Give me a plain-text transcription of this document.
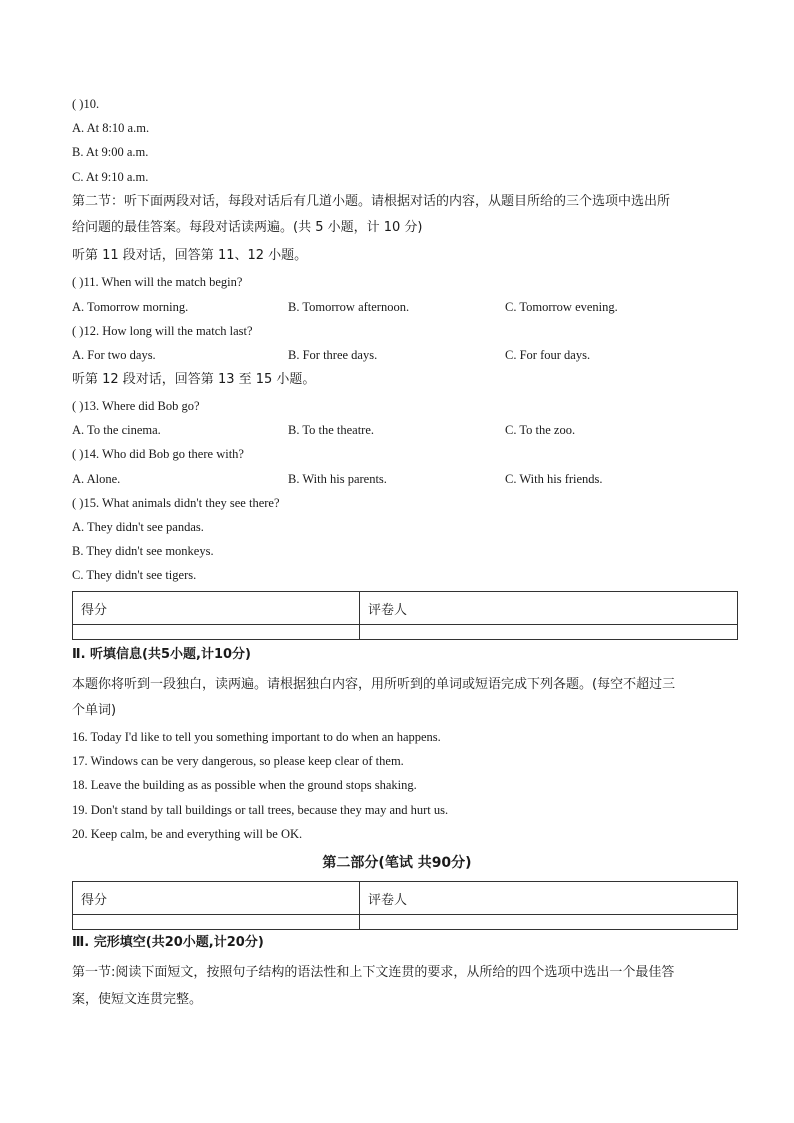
( )10.
A. At 8:10 a.m.
B. At 9:00 a.m.
C. At 9:10 a.m.
第二节：听下面两段对话，每段对话后有几道小题。请根据对话的内容，从题目所给的三个选项中选出所
给问题的最佳答案。每段对话读两遍。(共 5 小题，计 10 分)
听第 11 段对话，回答第 11、12 小题。
( )11. When will the match begin?
A. Tomorrow morning.	B. Tomorrow afternoon.	C. Tomorrow evening.
( )12. How long will the match last?
A. For two days.	B. For three days.	C. For four days.
听第 12 段对话，回答第 13 至 15 小题。
( )13. Where did Bob go?
A. To the cinema.	B. To the theatre.	C. To the zoo.
( )14. Who did Bob go there with?
A. Alone.	B. With his parents.	C. With his friends.
( )15. What animals didn't they see there?
A. They didn't see pandas.
B. They didn't see monkeys.
C. They didn't see tigers.
得分	评卷人

Ⅱ. 听填信息(共5小题,计10分)
本题你将听到一段独白，读两遍。请根据独白内容，用所听到的单词或短语完成下列各题。(每空不超过三
个单词)
16. Today I'd like to tell you something important to do when an happens.
17. Windows can be very dangerous, so please keep clear of them.
18. Leave the building as as possible when the ground stops shaking.
19. Don't stand by tall buildings or tall trees, because they may and hurt us.
20. Keep calm, be and everything will be OK.
第二部分(笔试 共90分)
得分	评卷人

Ⅲ. 完形填空(共20小题,计20分)
第一节:阅读下面短文，按照句子结构的语法性和上下文连贯的要求，从所给的四个选项中选出一个最佳答
案，使短文连贯完整。
